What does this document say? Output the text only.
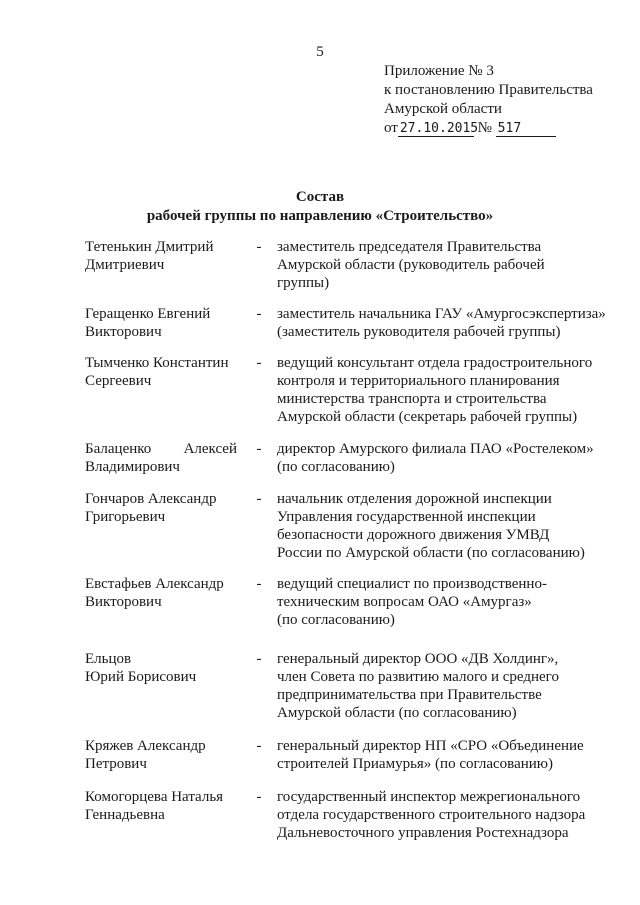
5
Приложение № 3
к постановлению Правительства
Амурской области
от 27.10.2015 № 517
Состав
рабочей группы по направлению «Строительство»
Тетенькин Дмитрий
Дмитриевич
- заместитель председателя Правительства
Амурской области (руководитель рабочей
группы)
Геращенко Евгений
Викторович
- заместитель начальника ГАУ «Амургосэкспертиза»
(заместитель руководителя рабочей группы)
Тымченко Константин
Сергеевич
- ведущий консультант отдела градостроительного
контроля и территориального планирования
министерства транспорта и строительства
Амурской области (секретарь рабочей группы)
Балаценко Алексей
Владимирович
- директор Амурского филиала ПАО «Ростелеком»
(по согласованию)
Гончаров Александр
Григорьевич
- начальник отделения дорожной инспекции
Управления государственной инспекции
безопасности дорожного движения УМВД
России по Амурской области (по согласованию)
Евстафьев Александр
Викторович
- ведущий специалист по производственно-
техническим вопросам ОАО «Амургаз»
(по согласованию)
Ельцов
Юрий Борисович
- генеральный директор ООО «ДВ Холдинг»,
член Совета по развитию малого и среднего
предпринимательства при Правительстве
Амурской области (по согласованию)
Кряжев Александр
Петрович
- генеральный директор НП «СРО «Объединение
строителей Приамурья» (по согласованию)
Комогорцева Наталья
Геннадьевна
- государственный инспектор межрегионального
отдела государственного строительного надзора
Дальневосточного управления Ростехнадзора
